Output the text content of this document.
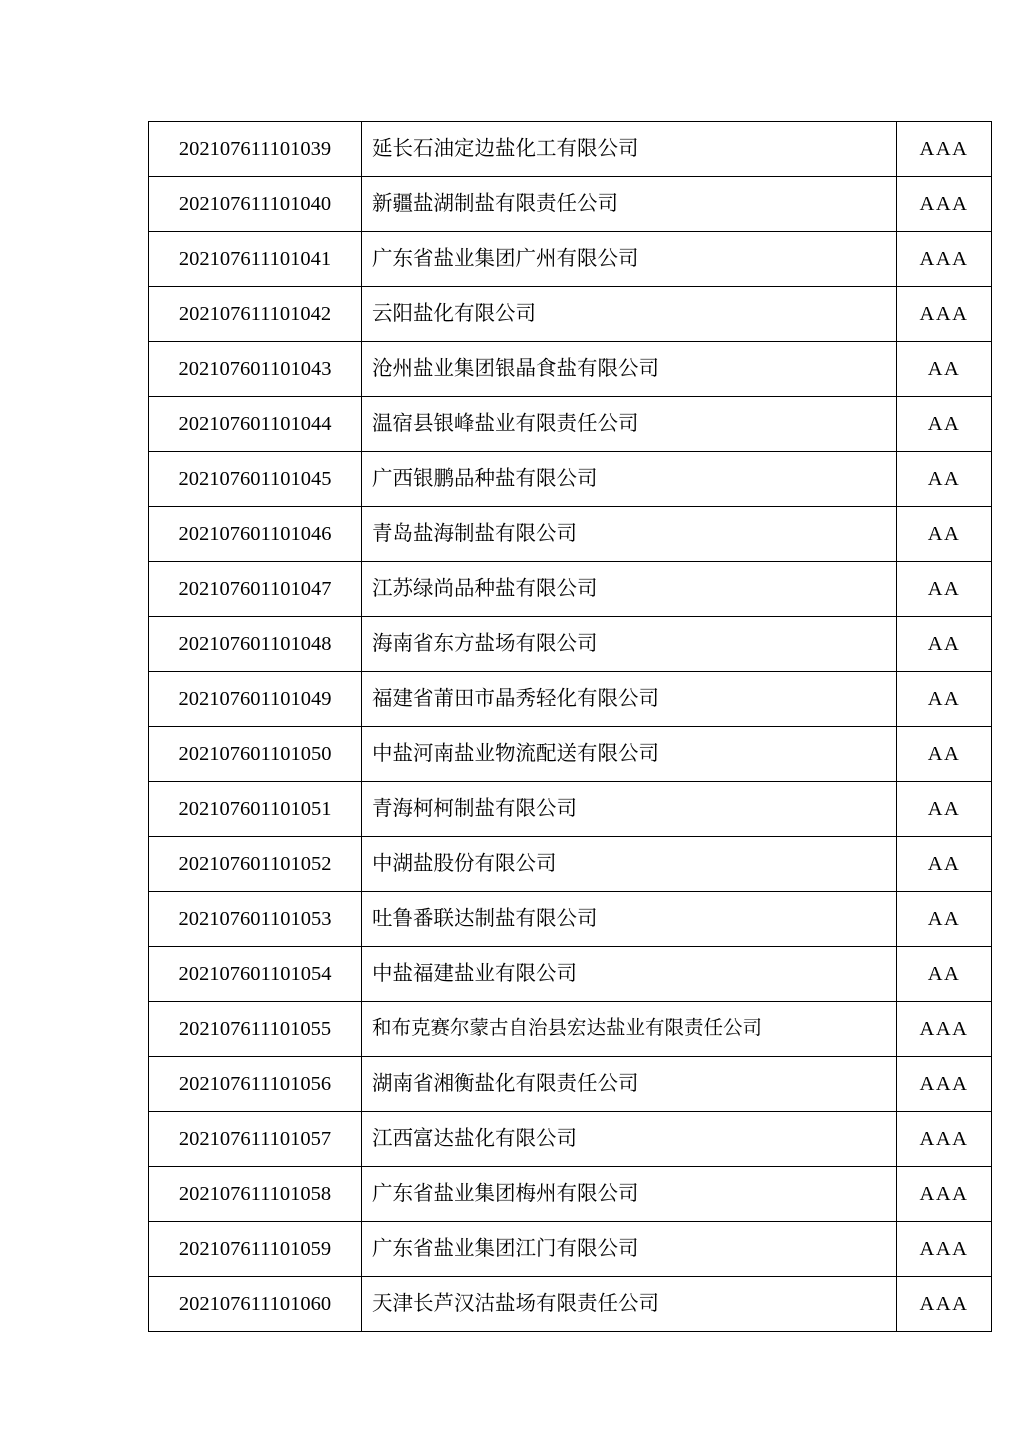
202107611101039	延长石油定边盐化工有限公司	AAA
202107611101040	新疆盐湖制盐有限责任公司	AAA
202107611101041	广东省盐业集团广州有限公司	AAA
202107611101042	云阳盐化有限公司	AAA
202107601101043	沧州盐业集团银晶食盐有限公司	AA
202107601101044	温宿县银峰盐业有限责任公司	AA
202107601101045	广西银鹏品种盐有限公司	AA
202107601101046	青岛盐海制盐有限公司	AA
202107601101047	江苏绿尚品种盐有限公司	AA
202107601101048	海南省东方盐场有限公司	AA
202107601101049	福建省莆田市晶秀轻化有限公司	AA
202107601101050	中盐河南盐业物流配送有限公司	AA
202107601101051	青海柯柯制盐有限公司	AA
202107601101052	中湖盐股份有限公司	AA
202107601101053	吐鲁番联达制盐有限公司	AA
202107601101054	中盐福建盐业有限公司	AA
202107611101055	和布克赛尔蒙古自治县宏达盐业有限责任公司	AAA
202107611101056	湖南省湘衡盐化有限责任公司	AAA
202107611101057	江西富达盐化有限公司	AAA
202107611101058	广东省盐业集团梅州有限公司	AAA
202107611101059	广东省盐业集团江门有限公司	AAA
202107611101060	天津长芦汉沽盐场有限责任公司	AAA
